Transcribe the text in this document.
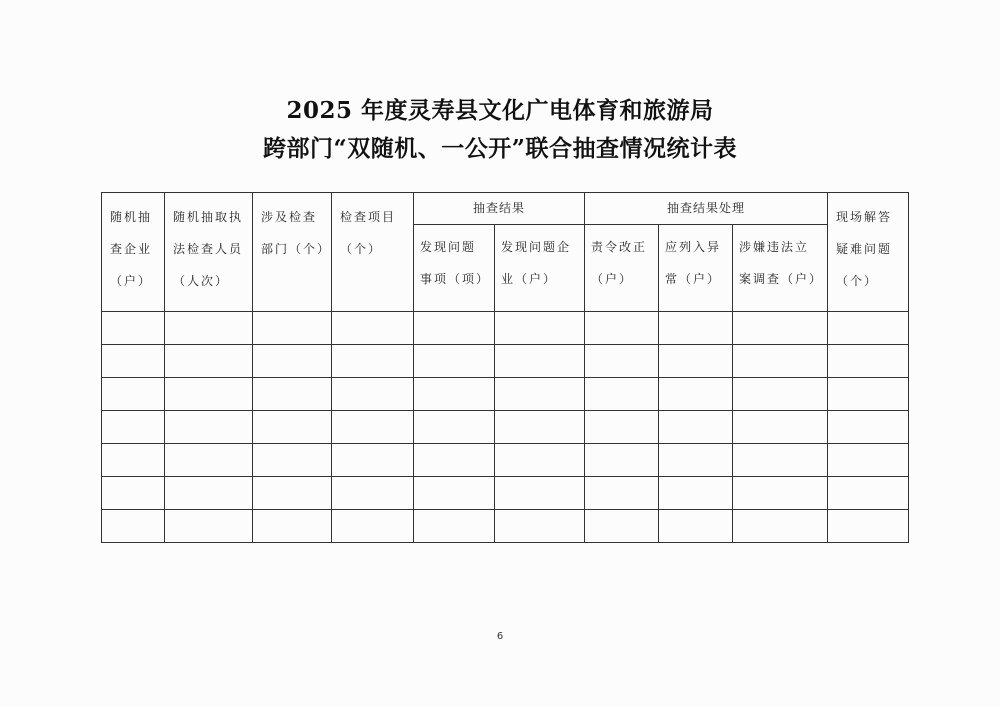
2025 年度灵寿县文化广电体育和旅游局
跨部门“双随机、一公开”联合抽查情况统计表
随机抽查企业（户）	随机抽取执法检查人员（人次）	涉及检查部门（个）	检查项目（个）	抽查结果		抽查结果处理			现场解答疑难问题（个）
				发现问题事项（项）	发现问题企业（户）	责令改正（户）	应列入异常（户）	涉嫌违法立案调查（户）	

6
